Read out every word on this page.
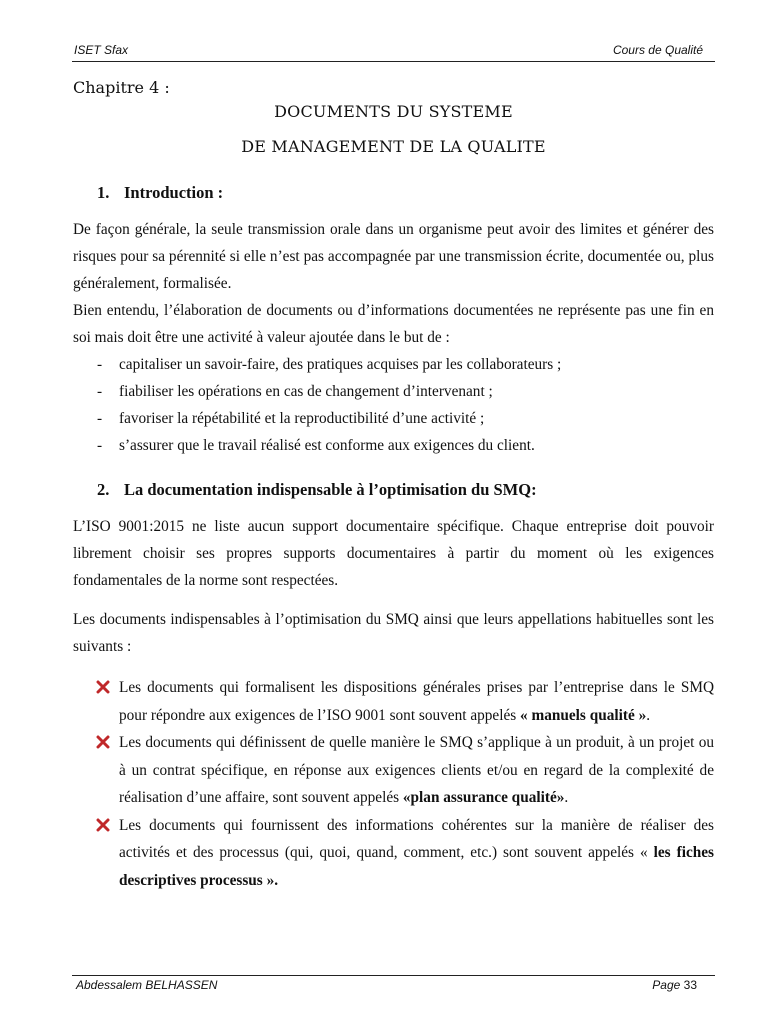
ISET Sfax	Cours de Qualité
Chapitre 4 :
DOCUMENTS DU SYSTEME
DE MANAGEMENT DE LA QUALITE
1. Introduction :
De façon générale, la seule transmission orale dans un organisme peut avoir des limites et générer des risques pour sa pérennité si elle n’est pas accompagnée par une transmission écrite, documentée ou, plus généralement, formalisée.
Bien entendu, l’élaboration de documents ou d’informations documentées ne représente pas une fin en soi mais doit être une activité à valeur ajoutée dans le but de :
- capitaliser un savoir-faire, des pratiques acquises par les collaborateurs ;
- fiabiliser les opérations en cas de changement d’intervenant ;
- favoriser la répétabilité et la reproductibilité d’une activité ;
- s’assurer que le travail réalisé est conforme aux exigences du client.
2. La documentation indispensable à l’optimisation du SMQ:
L’ISO 9001:2015 ne liste aucun support documentaire spécifique. Chaque entreprise doit pouvoir librement choisir ses propres supports documentaires à partir du moment où les exigences fondamentales de la norme sont respectées.
Les documents indispensables à l’optimisation du SMQ ainsi que leurs appellations habituelles sont les suivants :
Les documents qui formalisent les dispositions générales prises par l’entreprise dans le SMQ pour répondre aux exigences de l’ISO 9001 sont souvent appelés « manuels qualité ».
Les documents qui définissent de quelle manière le SMQ s’applique à un produit, à un projet ou à un contrat spécifique, en réponse aux exigences clients et/ou en regard de la complexité de réalisation d’une affaire, sont souvent appelés «plan assurance qualité».
Les documents qui fournissent des informations cohérentes sur la manière de réaliser des activités et des processus (qui, quoi, quand, comment, etc.) sont souvent appelés « les fiches descriptives processus ».
Abdessalem BELHASSEN	Page 33
